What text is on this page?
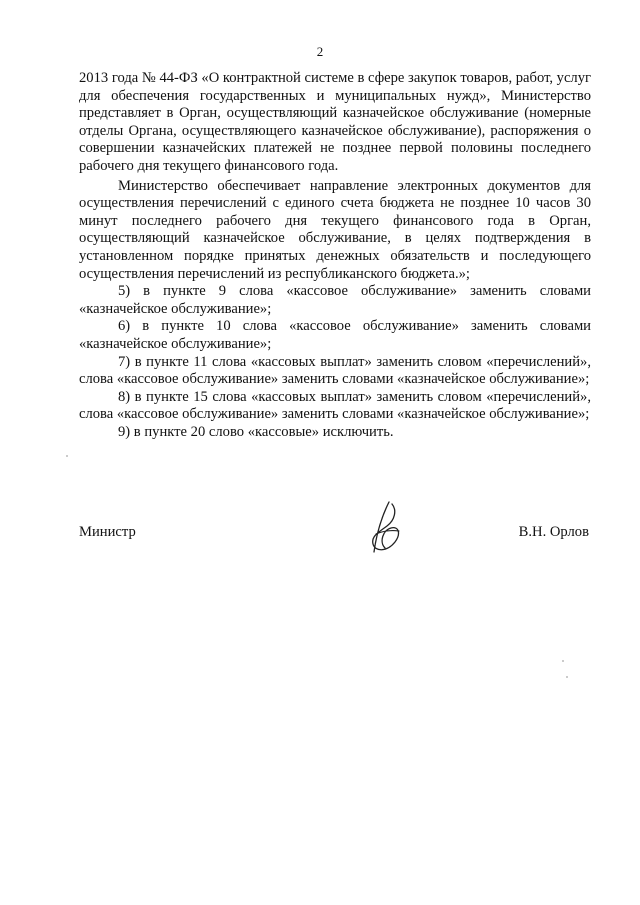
2

2013 года № 44-ФЗ «О контрактной системе в сфере закупок товаров, работ, услуг для обеспечения государственных и муниципальных нужд», Министерство представляет в Орган, осуществляющий казначейское обслуживание (номерные отделы Органа, осуществляющего казначейское обслуживание), распоряжения о совершении казначейских платежей не позднее первой половины последнего рабочего дня текущего финансового года.

Министерство обеспечивает направление электронных документов для осуществления перечислений с единого счета бюджета не позднее 10 часов 30 минут последнего рабочего дня текущего финансового года в Орган, осуществляющий казначейское обслуживание, в целях подтверждения в установленном порядке принятых денежных обязательств и последующего осуществления перечислений из республиканского бюджета.»;

5) в пункте 9 слова «кассовое обслуживание» заменить словами «казначейское обслуживание»;

6) в пункте 10 слова «кассовое обслуживание» заменить словами «казначейское обслуживание»;

7) в пункте 11 слова «кассовых выплат» заменить словом «перечислений», слова «кассовое обслуживание» заменить словами «казначейское обслуживание»;

8) в пункте 15 слова «кассовых выплат» заменить словом «перечислений», слова «кассовое обслуживание» заменить словами «казначейское обслуживание»;

9) в пункте 20 слово «кассовые» исключить.

Министр	В.Н. Орлов
